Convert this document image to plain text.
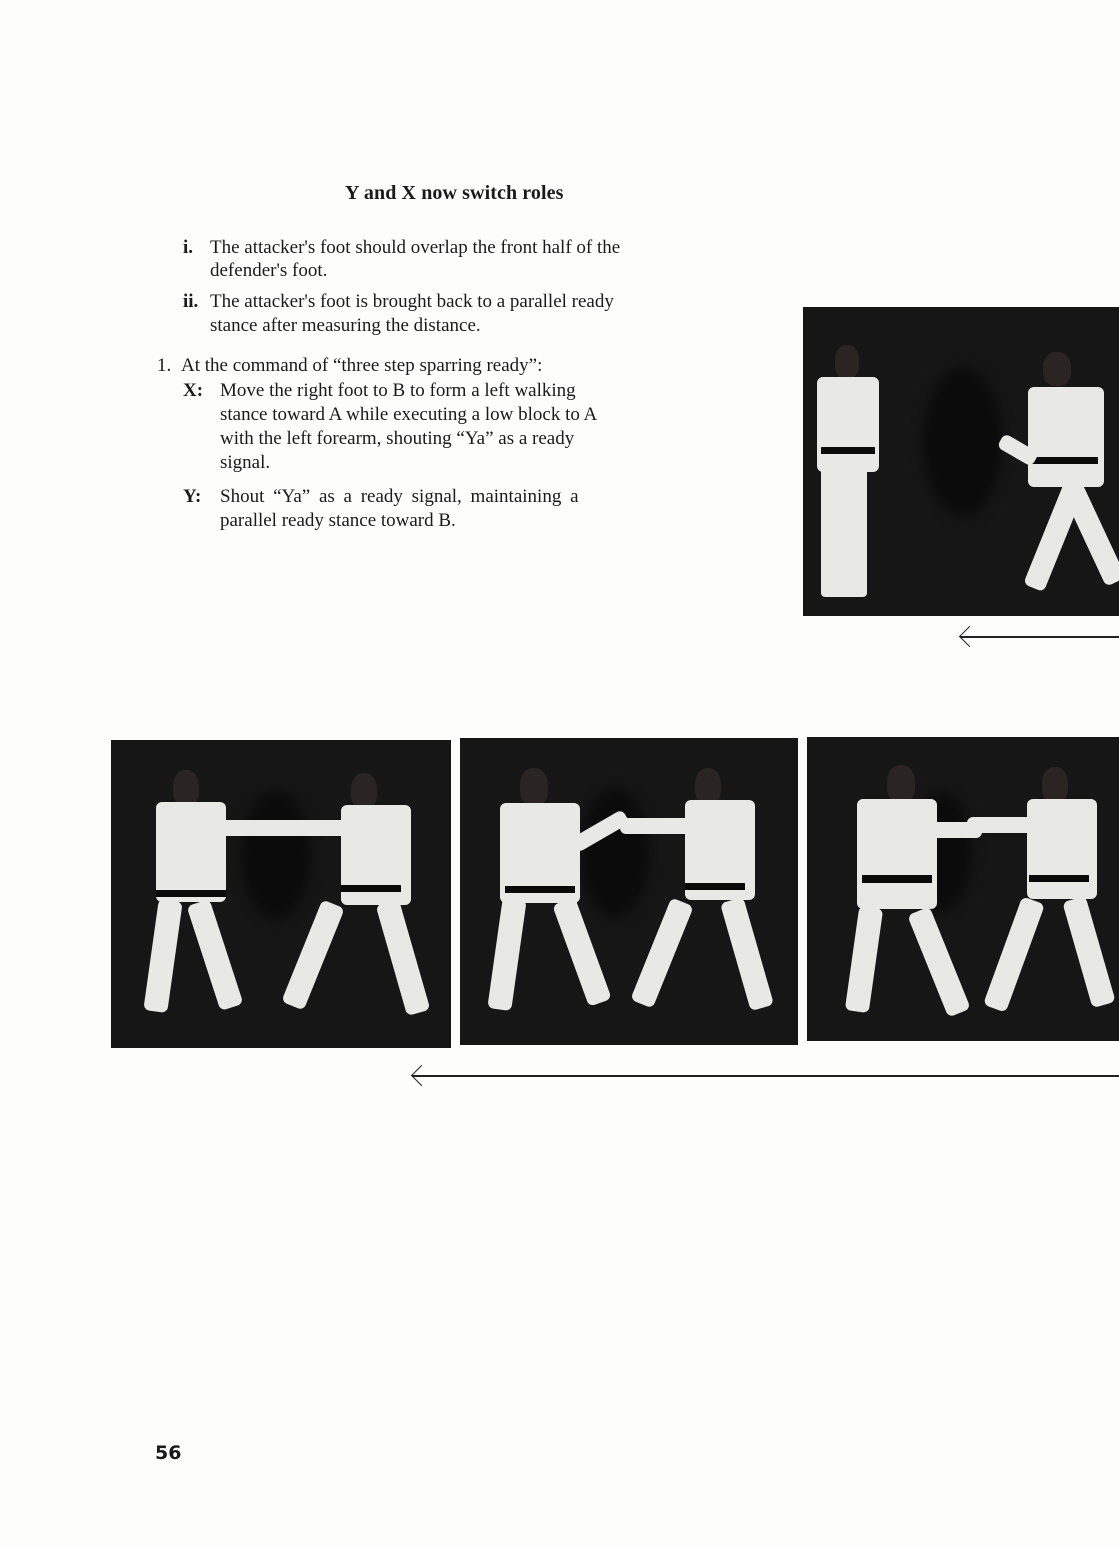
Y and X now switch roles
i. The attacker's foot should overlap the front half of the
defender's foot.
ii. The attacker's foot is brought back to a parallel ready
stance after measuring the distance.
1. At the command of “three step sparring ready”:
X: Move the right foot to B to form a left walking
stance toward A while executing a low block to A
with the left forearm, shouting “Ya” as a ready
signal.
Y: Shout “Ya” as a ready signal, maintaining a
parallel ready stance toward B.
56
